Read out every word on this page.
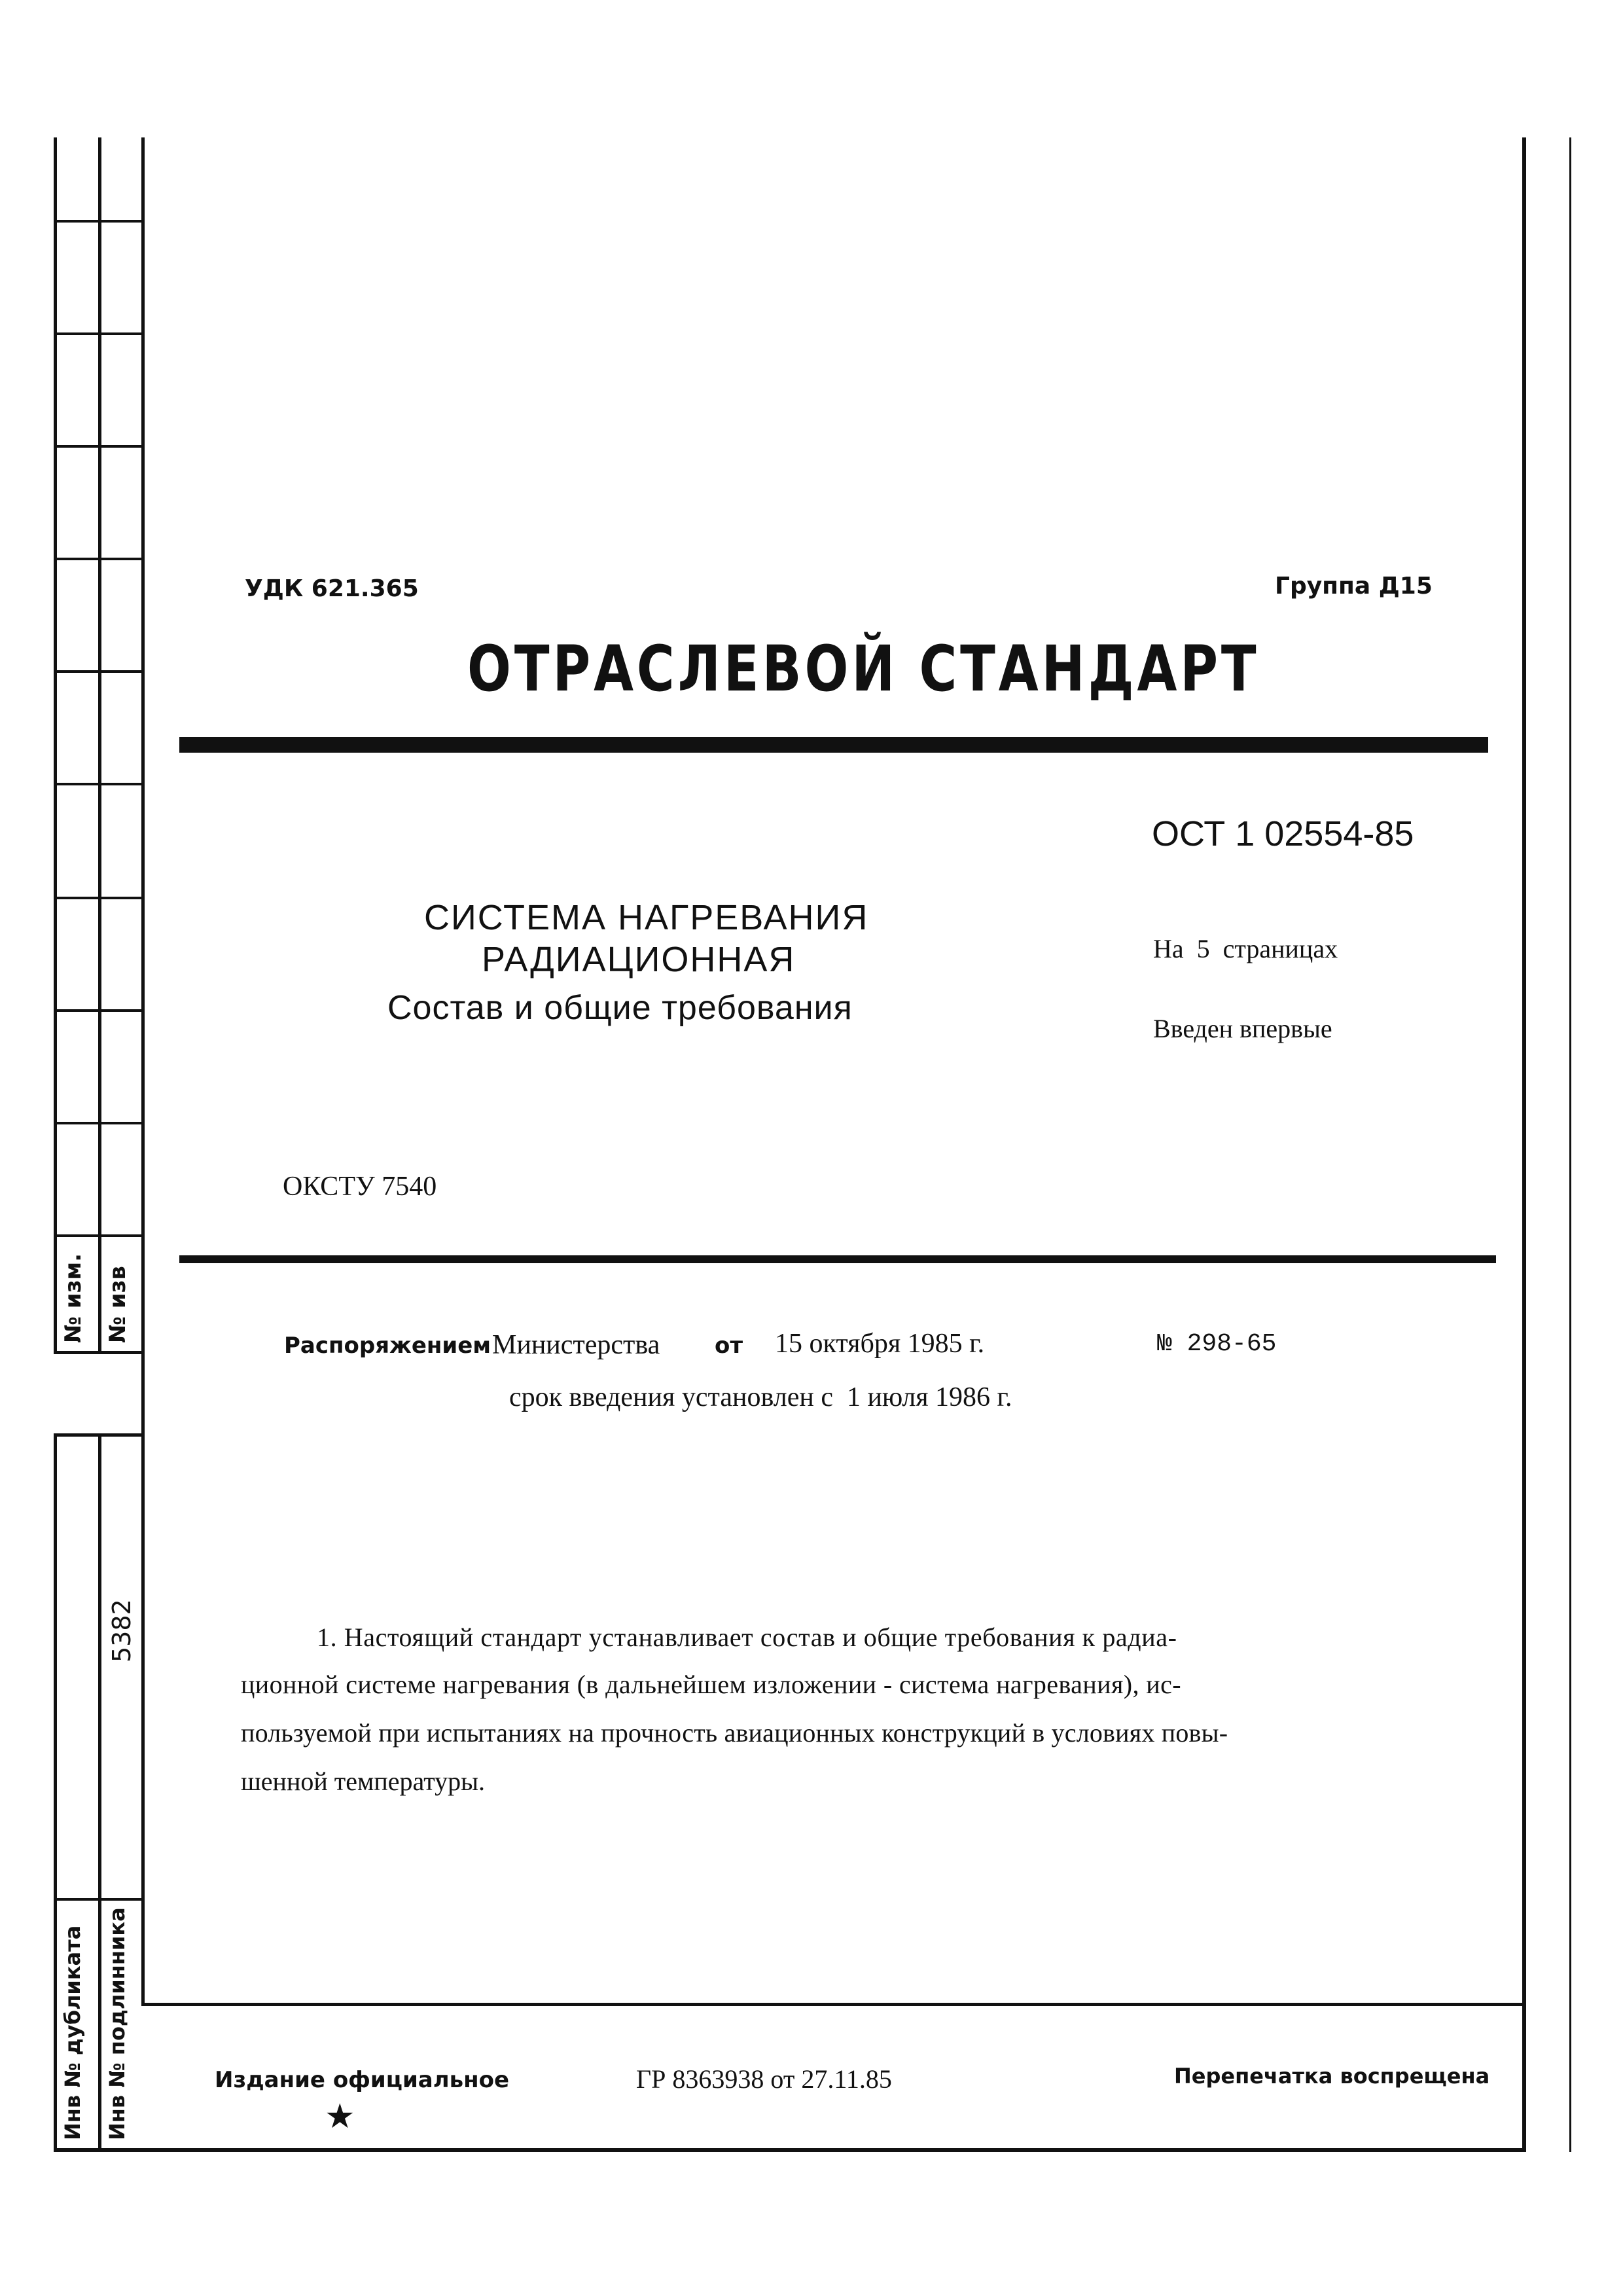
№ изм. № изв
5382
Инв № дубликата Инв № подлинника
УДК 621.365	Группа Д15
ОТРАСЛЕВОЙ СТАНДАРТ
ОСТ 1 02554-85
СИСТЕМА НАГРЕВАНИЯ
РАДИАЦИОННАЯ
Состав и общие требования
На  5  страницах
Введен впервые
ОКСТУ 7540
Распоряжением Министерства от 15 октября 1985 г.	№ 298-65
срок введения установлен с  1 июля 1986 г.
1. Настоящий стандарт устанавливает состав и общие требования к радиа-
ционной системе нагревания (в дальнейшем изложении - система нагревания), ис-
пользуемой при испытаниях на прочность авиационных конструкций в условиях повы-
шенной температуры.
Издание официальное
★
ГР 8363938 от 27.11.85	Перепечатка воспрещена
